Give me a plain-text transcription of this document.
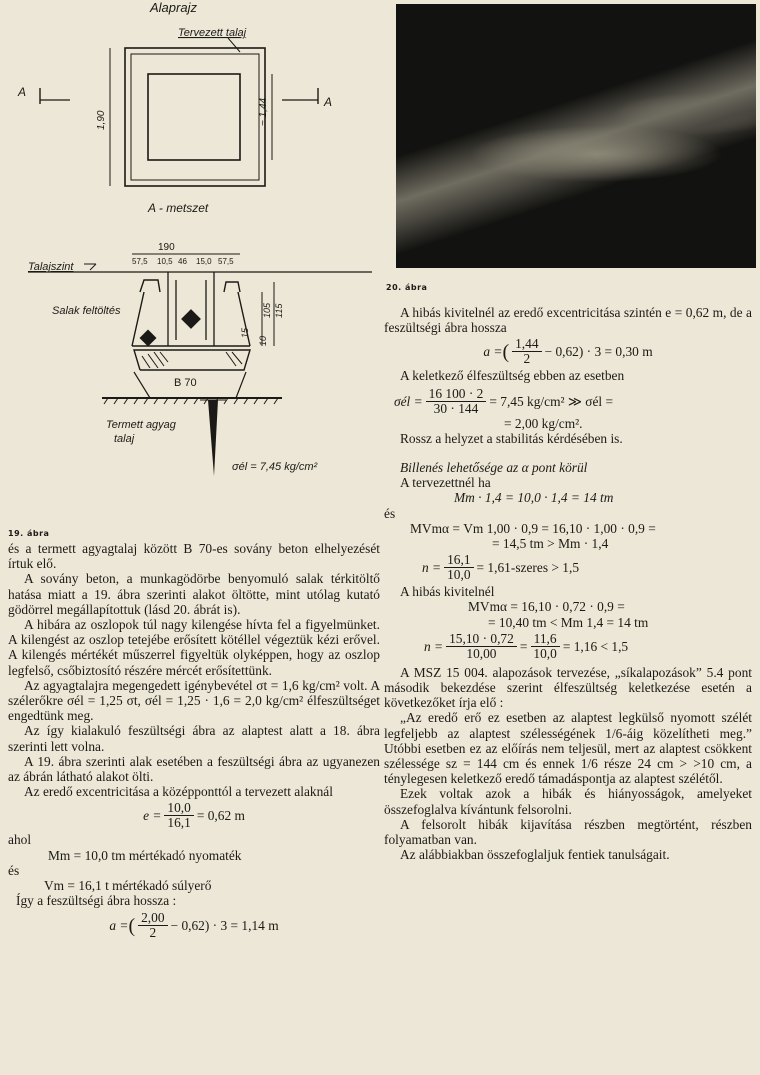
Alaprajz
Tervezett talaj
A
A
1,90	~ 1,44
A - metszet
190
57,5 10,5 46 15,0 57,5
Talajszint
Salak feltöltés
B 70
Termett agyag
talaj
σél = 7,45 kg/cm²
10
105 115
15
19. ábra
20. ábra

és a termett agyagtalaj között B 70-es sovány beton elhelyezését írtuk elő.

A sovány beton, a munkagödörbe benyomuló salak térkitöltő hatása miatt a 19. ábra szerinti alakot öltötte, mint utólag kutató gödörrel megállapítottuk (lásd 20. ábrát is).

A hibára az oszlopok túl nagy kilengése hívta fel a figyelmünket. A kilengést az oszlop tetejébe erősített kötéllel végeztük kézi erővel. A kilengés mértékét műszerrel figyeltük olyképpen, hogy az oszlop legfelső, csőbiztosító részére mércét erősítettünk.

Az agyagtalajra megengedett igénybevétel σt = 1,6 kg/cm² volt. A szélerőkre σél = 1,25 σt, σél = 1,25 · 1,6 = 2,0 kg/cm² élfeszültséget engedtünk meg.

Az így kialakuló feszültségi ábra az alaptest alatt a 18. ábra szerinti lett volna.

A 19. ábra szerinti alak esetében a feszültségi ábra az ugyanezen az ábrán látható alakot ölti.

Az eredő excentricitása a középponttól a tervezett alaknál

$e = \frac{10,0}{16,1} = 0,62$ m

ahol

Mm = 10,0 tm mértékadó nyomaték

és

Vm = 16,1 t mértékadó súlyerő

Így a feszültségi ábra hossza :

a = ( $\frac{2,00}{2} - 0,62) \cdot 3 = 1,14$ m

A hibás kivitelnél az eredő excentricitása szintén e = 0,62 m, de a feszültségi ábra hossza

a = ( $\frac{1,44}{2} - 0,62) \cdot 3 = 0,30$ m

A keletkező élfeszültség ebben az esetben

σél = $\frac{16 100 \cdot 2}{30 \cdot 144} = 7,45$ kg/cm² ≫ σél =

= 2,00 kg/cm².

Rossz a helyzet a stabilitás kérdésében is.

Billenés lehetősége az α pont körül

A tervezettnél ha

Mm · 1,4 = 10,0 · 1,4 = 14 tm

és

MVmα = Vm 1,00 · 0,9 = 16,10 · 1,00 · 0,9 =

= 14,5 tm > Mm · 1,4

$n = \frac{16,1}{10,0}$ = 1,61-szeres > 1,5

A hibás kivitelnél

MVmα = 16,10 · 0,72 · 0,9 =

= 10,40 tm < Mm 1,4 = 14 tm

$n = \frac{15,10 \cdot 0,72}{10,00} = \frac{11,6}{10,0} = 1,16 < 1,5$

A MSZ 15 004. alapozások tervezése, „síkalapozások” 5.4 pont második bekezdése szerint élfeszültség keletkezése esetén a következőket írja elő :

„Az eredő erő ez esetben az alaptest legkülső nyomott szélét legfeljebb az alaptest szélességének 1/6-áig közelítheti meg.” Utóbbi esetben ez az előírás nem teljesül, mert az alaptest csökkent szélessége sz = 144 cm és ennek 1/6 része 24 cm > >10 cm, a ténylegesen keletkező eredő támadáspontja az alaptest szélétől.

Ezek voltak azok a hibák és hiányosságok, amelyeket összefoglalva kívántunk felsorolni.

A felsorolt hibák kijavítása részben megtörtént, részben folyamatban van.

Az alábbiakban összefoglaljuk fentiek tanulságait.
